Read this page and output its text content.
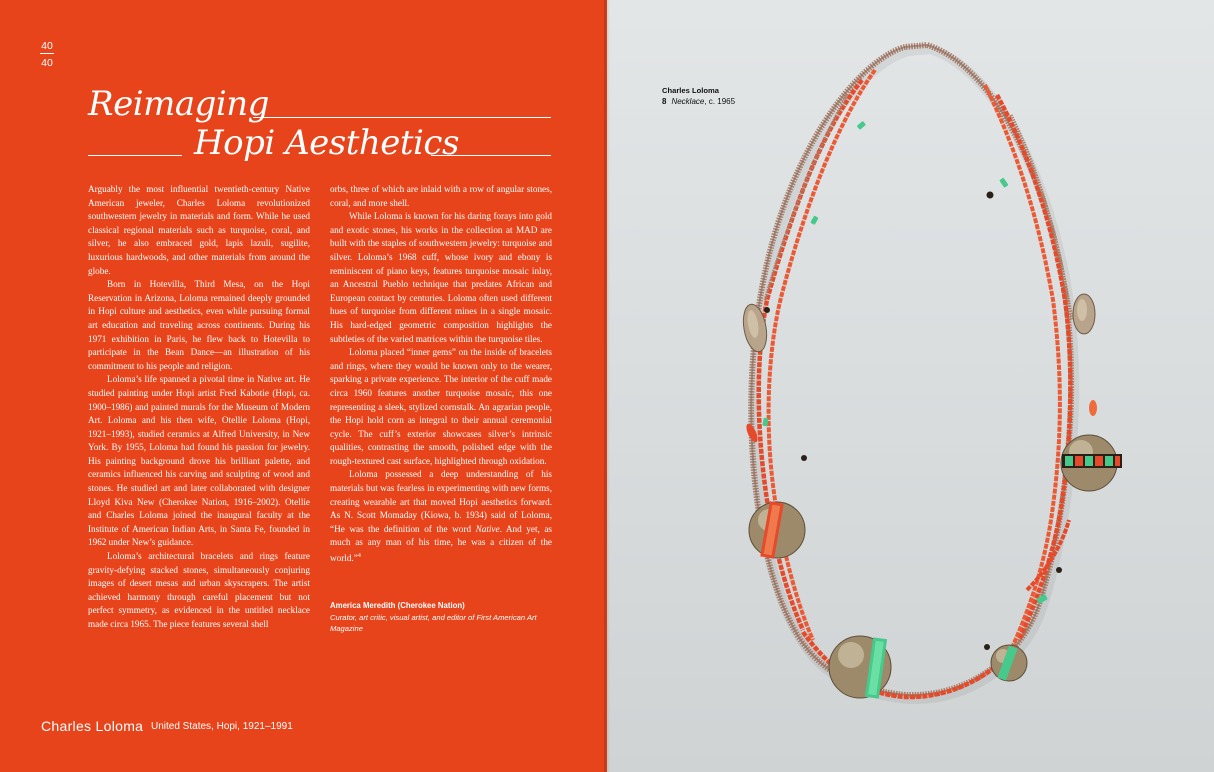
40
40
Reimaging
Hopi Aesthetics

Arguably the most influential twentieth-century Native American jeweler, Charles Loloma revolutionized southwestern jewelry in materials and form. While he used classical regional materials such as turquoise, coral, and silver, he also embraced gold, lapis lazuli, sugilite, luxurious hardwoods, and other materials from around the globe.

Born in Hotevilla, Third Mesa, on the Hopi Reservation in Arizona, Loloma remained deeply grounded in Hopi culture and aesthetics, even while pursuing formal art education and traveling across continents. During his 1971 exhibition in Paris, he flew back to Hotevilla to participate in the Bean Dance—an illustration of his commitment to his people and religion.

Loloma’s life spanned a pivotal time in Native art. He studied painting under Hopi artist Fred Kabotie (Hopi, ca. 1900–1986) and painted murals for the Museum of Modern Art. Loloma and his then wife, Otellie Loloma (Hopi, 1921–1993), studied ceramics at Alfred University, in New York. By 1955, Loloma had found his passion for jewelry. His painting background drove his brilliant palette, and ceramics influenced his carving and sculpting of wood and stones. He studied art and later collaborated with designer Lloyd Kiva New (Cherokee Nation, 1916–2002). Otellie and Charles Loloma joined the inaugural faculty at the Institute of American Indian Arts, in Santa Fe, founded in 1962 under New’s guidance.

Loloma’s architectural bracelets and rings feature gravity-defying stacked stones, simultaneously conjuring images of desert mesas and urban skyscrapers. The artist achieved harmony through careful placement but not perfect symmetry, as evidenced in the untitled necklace made circa 1965. The piece features several shell

orbs, three of which are inlaid with a row of angular stones, coral, and more shell.

While Loloma is known for his daring forays into gold and exotic stones, his works in the collection at MAD are built with the staples of southwestern jewelry: turquoise and silver. Loloma’s 1968 cuff, whose ivory and ebony is reminiscent of piano keys, features turquoise mosaic inlay, an Ancestral Pueblo technique that predates African and European contact by centuries. Loloma often used different hues of turquoise from different mines in a single mosaic. His hard-edged geometric composition highlights the subtleties of the varied matrices within the turquoise tiles.

Loloma placed “inner gems” on the inside of bracelets and rings, where they would be known only to the wearer, sparking a private experience. The interior of the cuff made circa 1960 features another turquoise mosaic, this one representing a sleek, stylized cornstalk. An agrarian people, the Hopi hold corn as integral to their annual ceremonial cycle. The cuff’s exterior showcases silver’s intrinsic qualities, contrasting the smooth, polished edge with the rough-textured cast surface, highlighted through oxidation.

Loloma possessed a deep understanding of his materials but was fearless in experimenting with new forms, creating wearable art that moved Hopi aesthetics forward. As N. Scott Momaday (Kiowa, b. 1934) said of Loloma, “He was the definition of the word Native. And yet, as much as any man of his time, he was a citizen of the world.”$^4$

America Meredith (Cherokee Nation)
Curator, art critic, visual artist, and editor of First American Art Magazine
Charles Loloma United States, Hopi, 1921–1991
Charles Loloma
8 Necklace, c. 1965
